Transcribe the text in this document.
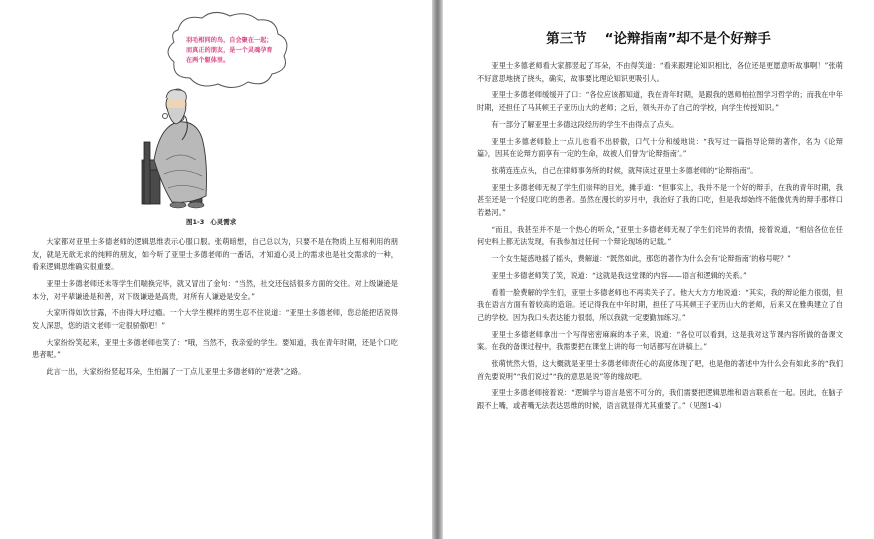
羽毛相同的鸟，自会聚在一起；而真正的朋友，是一个灵魂孕育在两个躯体里。
图1-3 心灵需求

大家都对亚里士多德老师的逻辑思维表示心服口服。张萌暗想，自己总以为，只要不是在物质上互相利用的朋友，就是无欲无求的纯粹的朋友，如今听了亚里士多德老师的一番话，才知道心灵上的需求也是社交需求的一种，看来逻辑思维确实很重要。

亚里士多德老师还未等学生们喘换完毕，就又冒出了金句：“当然，社交还包括很多方面的交往。对上级谦逊是本分，对平辈谦逊是和善，对下级谦逊是高贵，对所有人谦逊是安全。”

大家听得如饮甘露，不由得大呼过瘾。一个大学生模样的男生忍不住说道：“亚里士多德老师，您总能把话说得发人深思，您的语文老师一定很骄傲吧！”

大家纷纷笑起来，亚里士多德老师也笑了：“哦，当然不，我亲爱的学生。要知道，我在青年时期，还是个口吃患者呢。”

此言一出，大家纷纷竖起耳朵，生怕漏了一丁点儿亚里士多德老师的“逆袭”之路。

第三节 “论辩指南”却不是个好辩手

亚里士多德老师看大家都竖起了耳朵，不由得笑道：“看来跟理论知识相比，各位还是更愿意听故事啊！”张萌不好意思地挠了挠头，确实，故事要比理论知识更吸引人。

亚里士多德老师缓缓开了口：“各位应该都知道，我在青年时期，是跟我的恩师柏拉图学习哲学的；而我在中年时期，还担任了马其顿王子亚历山大的老师；之后，领头开办了自己的学校，向学生传授知识。”

有一部分了解亚里士多德这段经历的学生不由得点了点头。

亚里士多德老师脸上一点儿也看不出骄傲，口气十分和缓地说：“我写过一篇指导论辩的著作，名为《论辩篇》，因其在论辩方面享有一定的生命，故被人们誉为‘论辩指南’。”

张萌连连点头，自己在律师事务所的时候，就拜读过亚里士多德老师的“论辩指南”。

亚里士多德老师无视了学生们崇拜的目光，摊手道：“但事实上，我并不是一个好的辩手，在我的青年时期，我甚至还是一个轻度口吃的患者。虽然在漫长的岁月中，我治好了我的口吃，但是我却始终不能像优秀的辩手那样口若悬河。”

“而且，我甚至并不是一个热心的听众，”亚里士多德老师无视了学生们诧异的表情，接着说道，“相信各位在任何史料上都无法发现，有我参加过任何一个辩论现场的记载。”

一个女生疑惑地摇了摇头，费解道：“既然如此，那您的著作为什么会有‘论辩指南’的称号呢？”

亚里士多德老师笑了笑，说道：“这就是我这堂课的内容——语言和逻辑的关系。”

看着一脸费解的学生们，亚里士多德老师也不再卖关子了。他大大方方地说道：“其实，我的辩论能力很弱，但我在语言方面有着较高的造诣。还记得我在中年时期，担任了马其顿王子亚历山大的老师，后来又在雅典建立了自己的学校。因为我口头表达能力很弱，所以我就一定要勤加练习。”

亚里士多德老师拿出一个写得密密麻麻的本子来，说道：“各位可以看到，这是我对这节课内容所做的备课文案。在我的备课过程中，我需要把在课堂上讲的每一句话都写在讲稿上。”

张萌恍然大悟，这大概就是亚里士多德老师责任心的高度体现了吧，也是他的著述中为什么会有如此多的“我们首先要说明”“我们说过”“我的意思是说”等的缘故吧。

亚里士多德老师接着说：“逻辑学与语言是密不可分的，我们需要把逻辑思维和语言联系在一起。因此，在脑子跟不上嘴，或者嘴无法表达思维的时候，语言就显得尤其重要了。”（见图1-4）
